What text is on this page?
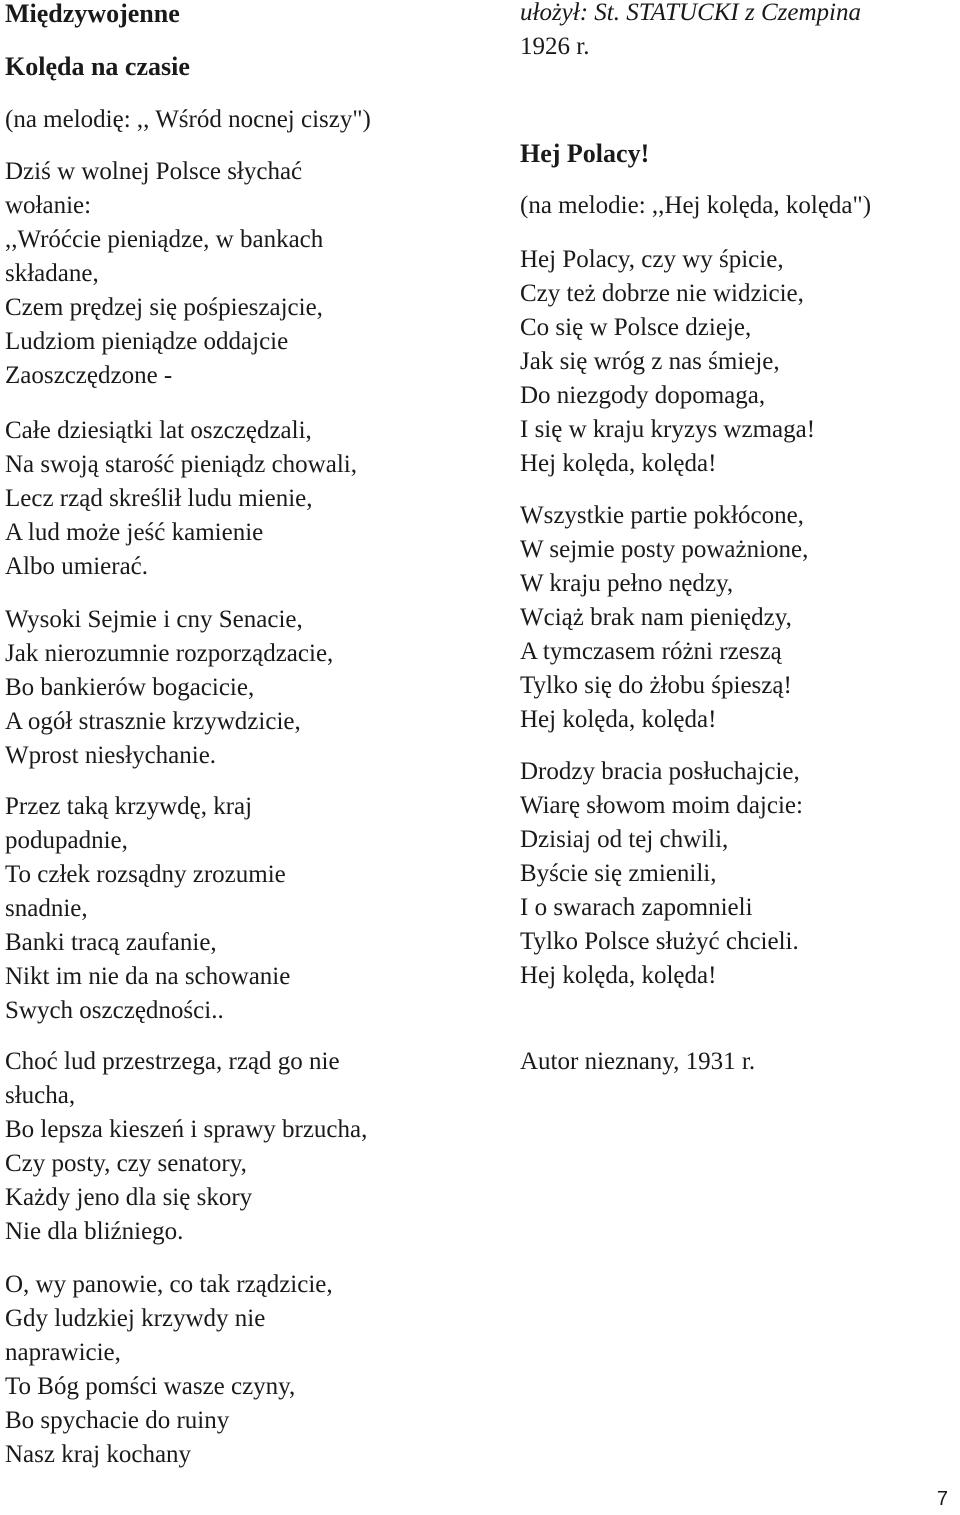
Międzywojenne
Kolęda na czasie
(na melodię: ,, Wśród nocnej ciszy")
Dziś w wolnej Polsce słychać
wołanie:
,,Wróćcie pieniądze, w bankach
składane,
Czem prędzej się pośpieszajcie,
Ludziom pieniądze oddajcie
Zaoszczędzone -
Całe dziesiątki lat oszczędzali,
Na swoją starość pieniądz chowali,
Lecz rząd skreślił ludu mienie,
A lud może jeść kamienie
Albo umierać.
Wysoki Sejmie i cny Senacie,
Jak nierozumnie rozporządzacie,
Bo bankierów bogacicie,
A ogół strasznie krzywdzicie,
Wprost niesłychanie.
Przez taką krzywdę, kraj
podupadnie,
To człek rozsądny zrozumie
snadnie,
Banki tracą zaufanie,
Nikt im nie da na schowanie
Swych oszczędności..
Choć lud przestrzega, rząd go nie
słucha,
Bo lepsza kieszeń i sprawy brzucha,
Czy posty, czy senatory,
Każdy jeno dla się skory
Nie dla bliźniego.
O, wy panowie, co tak rządzicie,
Gdy ludzkiej krzywdy nie
naprawicie,
To Bóg pomści wasze czyny,
Bo spychacie do ruiny
Nasz kraj kochany
ułożył: St. STATUCKI z Czempina
1926 r.
Hej Polacy!
(na melodie: ,,Hej kolęda, kolęda")
Hej Polacy, czy wy śpicie,
Czy też dobrze nie widzicie,
Co się w Polsce dzieje,
Jak się wróg z nas śmieje,
Do niezgody dopomaga,
I się w kraju kryzys wzmaga!
Hej kolęda, kolęda!
Wszystkie partie pokłócone,
W sejmie posty poważnione,
W kraju pełno nędzy,
Wciąż brak nam pieniędzy,
A tymczasem różni rzeszą
Tylko się do żłobu śpieszą!
Hej kolęda, kolęda!
Drodzy bracia posłuchajcie,
Wiarę słowom moim dajcie:
Dzisiaj od tej chwili,
Byście się zmienili,
I o swarach zapomnieli
Tylko Polsce służyć chcieli.
Hej kolęda, kolęda!
Autor nieznany, 1931 r.
7
